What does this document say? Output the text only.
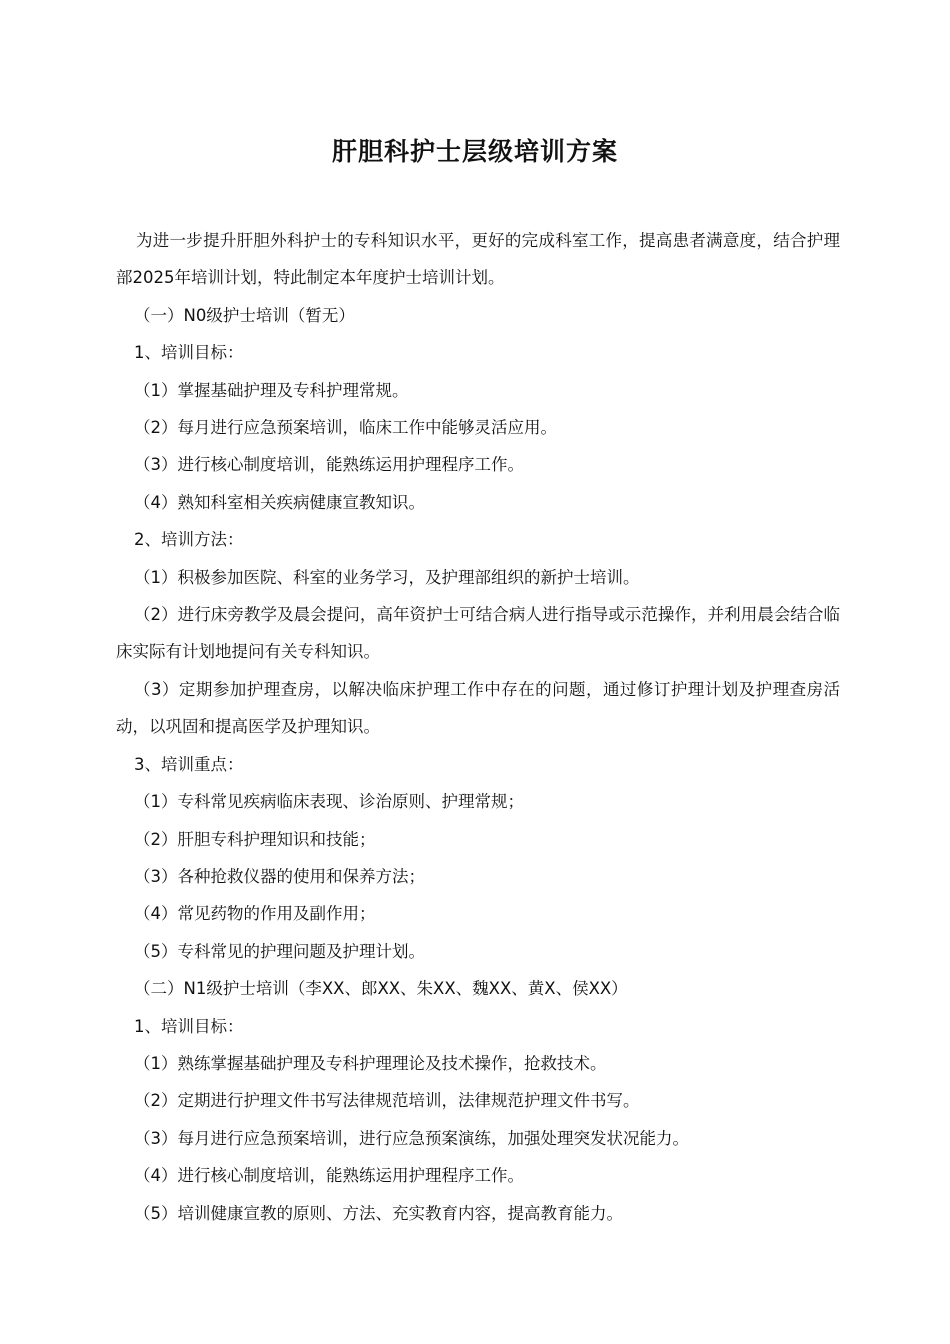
肝胆科护士层级培训方案

为进一步提升肝胆外科护士的专科知识水平，更好的完成科室工作，提高患者满意度，结合护理部2025年培训计划，特此制定本年度护士培训计划。

（一）N0级护士培训（暂无）

1、培训目标：

（1）掌握基础护理及专科护理常规。

（2）每月进行应急预案培训，临床工作中能够灵活应用。

（3）进行核心制度培训，能熟练运用护理程序工作。

（4）熟知科室相关疾病健康宣教知识。

2、培训方法：

（1）积极参加医院、科室的业务学习，及护理部组织的新护士培训。

（2）进行床旁教学及晨会提问，高年资护士可结合病人进行指导或示范操作，并利用晨会结合临床实际有计划地提问有关专科知识。

（3）定期参加护理查房，以解决临床护理工作中存在的问题，通过修订护理计划及护理查房活动，以巩固和提高医学及护理知识。

3、培训重点：

（1）专科常见疾病临床表现、诊治原则、护理常规；

（2）肝胆专科护理知识和技能；

（3）各种抢救仪器的使用和保养方法；

（4）常见药物的作用及副作用；

（5）专科常见的护理问题及护理计划。

（二）N1级护士培训（李XX、郎XX、朱XX、魏XX、黄X、侯XX）

1、培训目标：

（1）熟练掌握基础护理及专科护理理论及技术操作，抢救技术。

（2）定期进行护理文件书写法律规范培训，法律规范护理文件书写。

（3）每月进行应急预案培训，进行应急预案演练，加强处理突发状况能力。

（4）进行核心制度培训，能熟练运用护理程序工作。

（5）培训健康宣教的原则、方法、充实教育内容，提高教育能力。
